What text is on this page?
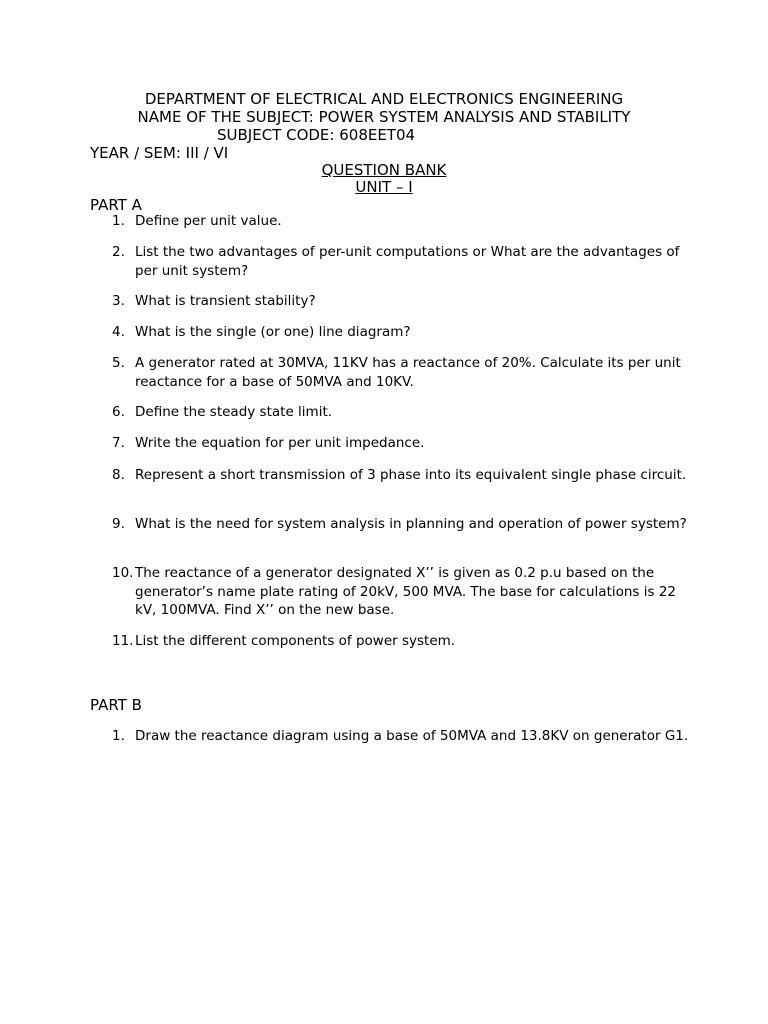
DEPARTMENT OF ELECTRICAL AND ELECTRONICS ENGINEERING
NAME OF THE SUBJECT: POWER SYSTEM ANALYSIS AND STABILITY
SUBJECT CODE: 608EET04
YEAR / SEM: III / VI
QUESTION BANK
UNIT – I
PART A
1. Define per unit value.
2. List the two advantages of per-unit computations or What are the advantages of per unit system?
3. What is transient stability?
4. What is the single (or one) line diagram?
5. A generator rated at 30MVA, 11KV has a reactance of 20%. Calculate its per unit reactance for a base of 50MVA and 10KV.
6. Define the steady state limit.
7. Write the equation for per unit impedance.
8. Represent a short transmission of 3 phase into its equivalent single phase circuit.
9. What is the need for system analysis in planning and operation of power system?
10. The reactance of a generator designated X’’ is given as 0.2 p.u based on the generator’s name plate rating of 20kV, 500 MVA. The base for calculations is 22 kV, 100MVA. Find X’’ on the new base.
11. List the different components of power system.
PART B
1. Draw the reactance diagram using a base of 50MVA and 13.8KV on generator G1.
